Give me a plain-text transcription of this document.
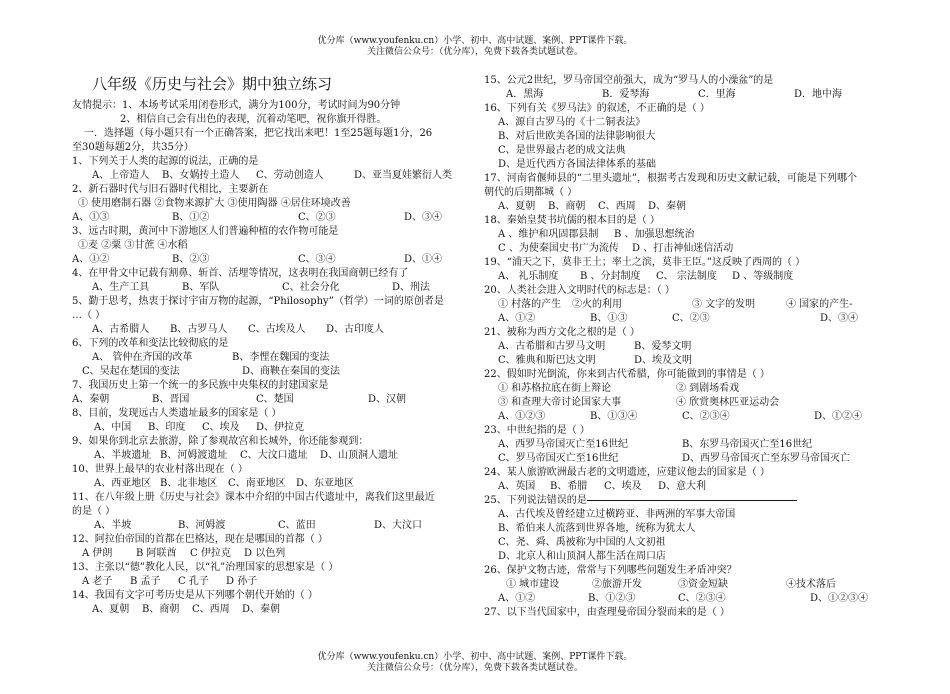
优分库（www.youfenku.cn）小学、初中、高中试题、案例、PPT课件下载。
关注微信公众号：（优分库），免费下载各类试题试卷。
八年级《历史与社会》期中独立练习
友情提示：1、本场考试采用闭卷形式，满分为100分，考试时间为90分钟
2、相信自己会有出色的表现，沉着动笔吧，祝你旗开得胜。
一．选择题（每小题只有一个正确答案，把它找出来吧！1至25题每题1分，26
至30题每题2分，共35分）
1、下列关于人类的起源的说法，正确的是
A、上帝造人 B、女娲抟土造人 C、劳动创造人	D、亚当夏娃繁衍人类
2、新石器时代与旧石器时代相比，主要新在
① 使用磨制石器 ②食物来源扩大 ③使用陶器 ④居住环境改善
A、①③	B、①②	C、②③	D、③④
3、远古时期，黄河中下游地区人们普遍种植的农作物可能是
①麦 ②粟 ③甘蔗 ④水稻
A、①②	B、②③	C、③④	D、①④
4、在甲骨文中记载有割鼻、斩首、活埋等情况，这表明在我国商朝已经有了
A、生产工具	B、军队	C、社会分化	D、刑法
5、勤于思考，热衷于探讨宇宙万物的起源，“Philosophy”（哲学）一词的原创者是
…（ ）
A、古希腊人 B、古罗马人 C、古埃及人 D、古印度人
6、下列的改革和变法比较彻底的是
A、 管仲在齐国的改革	B、李悝在魏国的变法
C、吴起在楚国的变法	D、商鞅在秦国的变法
7、我国历史上第一个统一的多民族中央集权的封建国家是
A、秦朝	B、晋国	C、楚国	D、汉朝
8、目前，发现远古人类遗址最多的国家是（ ）
A、中国 B、印度 C、埃及 D、伊拉克
9、如果你到北京去旅游，除了参观故宫和长城外，你还能参观到：
A、半坡遗址 B、河姆渡遗址 C、大汶口遗址 D、山顶洞人遗址
10、世界上最早的农业村落出现在（ ）
A、西亚地区 B、北非地区 C、南亚地区 D、东亚地区
11、在八年级上册《历史与社会》课本中介绍的中国古代遗址中，离我们这里最近
的是（ ）
A、半坡	B、河姆渡	C、蓝田	D、大汶口
12、阿拉伯帝国的首都在巴格达，现在是哪国的首都（ ）
A 伊朗 B 阿联酋 C 伊拉克 D 以色列
13、主张以“德”教化人民，以“礼”治理国家的思想家是（ ）
A 老子 B 孟子 C 孔子 D 孙子
14、我国有文字可考历史是从下列哪个朝代开始的（ ）
A、夏朝 B、商朝 C、西周 D、秦朝
15、公元2世纪，罗马帝国空前强大，成为“罗马人的小澡盆”的是
A．黑海	B．爱琴海	C．里海	D．地中海
16、下列有关《罗马法》的叙述，不正确的是（ ）
A、源自古罗马的《十二铜表法》
B、对后世欧美各国的法律影响很大
C、是世界最古老的成文法典
D、是近代西方各国法律体系的基础
17、河南省偃师县的“二里头遗址”，根据考古发现和历史文献记载，可能是下列哪个
朝代的后期都城（ ）
A、夏朝 B、商朝 C、西周 D、秦朝
18、秦始皇焚书坑儒的根本目的是（ ）
A 、维护和巩固郡县制 B 、加强思想统治
C 、为使秦国史书广为流传 D 、打击神仙迷信活动
19、“浦天之下，莫非王土；率土之滨，莫非王臣。”这反映了西周的（ ）
A、 礼乐制度 B 、分封制度 C、 宗法制度 D 、等级制度
20、人类社会进入文明时代的标志是：（ ）
① 村落的产生 ②火的利用	③ 文字的发明	④ 国家的产生-
A、①②	B、①③	C、②③	D、③④
21、被称为西方文化之根的是（ ）
A、古希腊和古罗马文明	B、爱琴文明
C、雅典和斯巴达文明	D、埃及文明
22、假如时光倒流，你来到古代希腊，你可能做到的事情是（ ）
① 和苏格拉底在街上辩论	② 到剧场看戏
③ 和查理大帝讨论国家大事	④ 欣赏奥林匹亚运动会
A、①②③	B、①③④	C、②③④	D、①②④
23、中世纪指的是（ ）
A、西罗马帝国灭亡至16世纪	B、东罗马帝国灭亡至16世纪
C、罗马帝国灭亡至16世纪	D、西罗马帝国灭亡至东罗马帝国灭亡
24、某人旅游欧洲最古老的文明遗迹，应建议他去的国家是（ ）
A、英国 B、希腊 C、埃及 D、意大利
25、下列说法错误的是
A、古代埃及曾经建立过横跨亚、非两洲的军事大帝国
B、希伯来人流落到世界各地，统称为犹太人
C、尧、舜、禹被称为中国的人文初祖
D、北京人和山顶洞人都生活在周口店
26、保护文物古迹，常常与下列哪些问题发生矛盾冲突？
① 城市建设	②旅游开发	③资金短缺	④技术落后
A、①②	B、①②③	C、②③④	D、①②③④
27、以下当代国家中，由查理曼帝国分裂而来的是（ ）
优分库（www.youfenku.cn）小学、初中、高中试题、案例、PPT课件下载。
关注微信公众号：（优分库），免费下载各类试题试卷。
